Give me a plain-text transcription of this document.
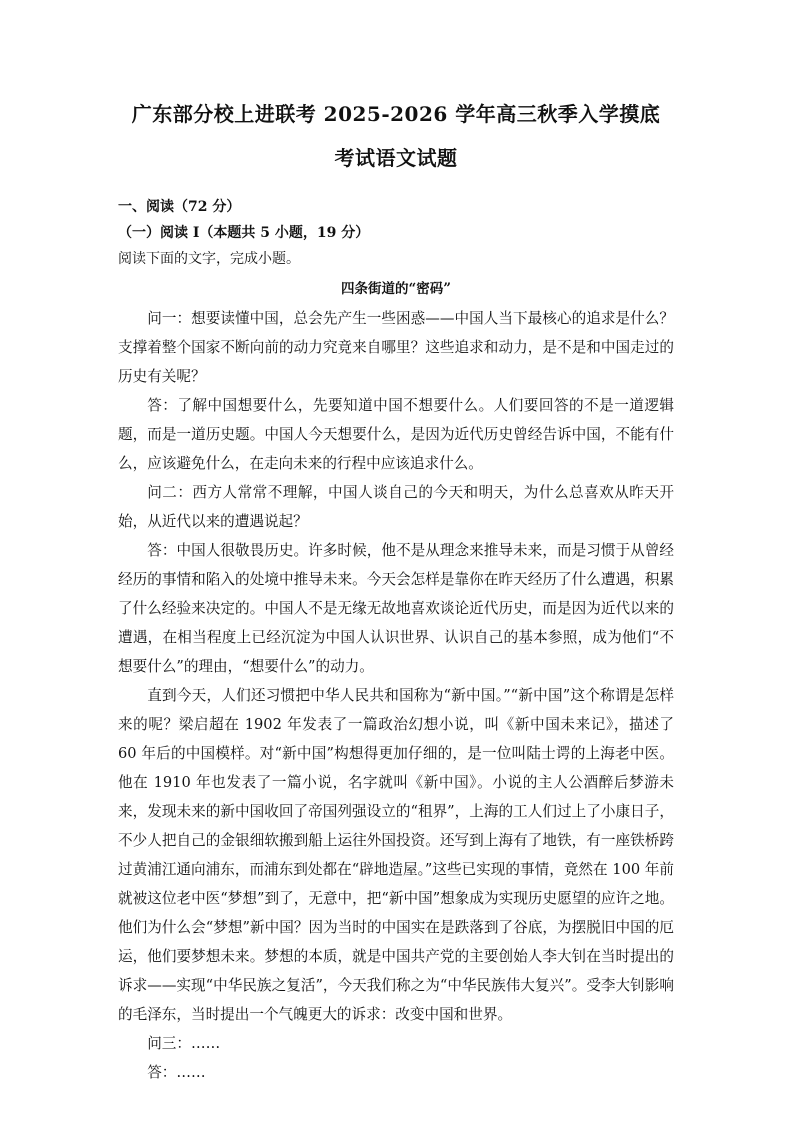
广东部分校上进联考 2025-2026 学年高三秋季入学摸底
考试语文试题

一、阅读（72 分）

（一）阅读 I（本题共 5 小题，19 分）

阅读下面的文字，完成小题。

四条街道的“密码”

问一：想要读懂中国，总会先产生一些困惑——中国人当下最核心的追求是什么？支撑着整个国家不断向前的动力究竟来自哪里？这些追求和动力，是不是和中国走过的历史有关呢？

答：了解中国想要什么，先要知道中国不想要什么。人们要回答的不是一道逻辑题，而是一道历史题。中国人今天想要什么，是因为近代历史曾经告诉中国，不能有什么，应该避免什么，在走向未来的行程中应该追求什么。

问二：西方人常常不理解，中国人谈自己的今天和明天，为什么总喜欢从昨天开始，从近代以来的遭遇说起？

答：中国人很敬畏历史。许多时候，他不是从理念来推导未来，而是习惯于从曾经经历的事情和陷入的处境中推导未来。今天会怎样是靠你在昨天经历了什么遭遇，积累了什么经验来决定的。中国人不是无缘无故地喜欢谈论近代历史，而是因为近代以来的遭遇，在相当程度上已经沉淀为中国人认识世界、认识自己的基本参照，成为他们“不想要什么”的理由，“想要什么”的动力。

直到今天，人们还习惯把中华人民共和国称为“新中国。”“新中国”这个称谓是怎样来的呢？梁启超在 1902 年发表了一篇政治幻想小说，叫《新中国未来记》，描述了 60 年后的中国模样。对“新中国”构想得更加仔细的，是一位叫陆士谔的上海老中医。他在 1910 年也发表了一篇小说，名字就叫《新中国》。小说的主人公酒醉后梦游未来，发现未来的新中国收回了帝国列强设立的“租界”，上海的工人们过上了小康日子，不少人把自己的金银细软搬到船上运往外国投资。还写到上海有了地铁，有一座铁桥跨过黄浦江通向浦东，而浦东到处都在“辟地造屋。”这些已实现的事情，竟然在 100 年前就被这位老中医“梦想”到了，无意中，把“新中国”想象成为实现历史愿望的应许之地。他们为什么会“梦想”新中国？因为当时的中国实在是跌落到了谷底，为摆脱旧中国的厄运，他们要梦想未来。梦想的本质，就是中国共产党的主要创始人李大钊在当时提出的诉求——实现“中华民族之复活”，今天我们称之为“中华民族伟大复兴”。受李大钊影响的毛泽东，当时提出一个气魄更大的诉求：改变中国和世界。

问三：……

答：……
